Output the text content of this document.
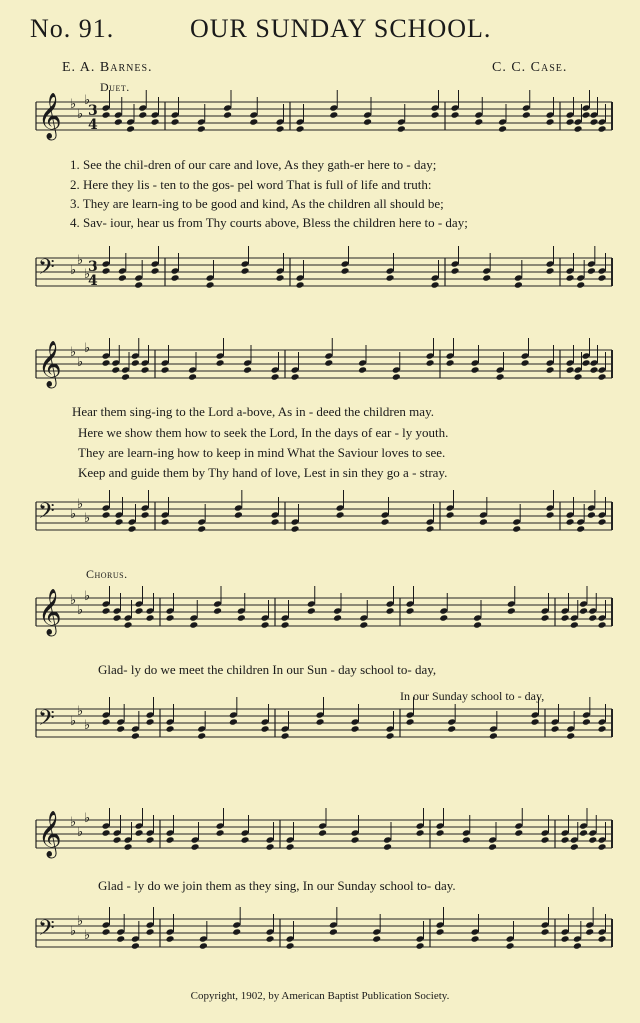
No. 91.	OUR SUNDAY SCHOOL.
E. A. Barnes.	C. C. Case.
Duet.
Chorus.
𝄞 ♭
♭
♭
𝄢 ♭
♭
♭
𝄞 ♭
♭
♭
𝄢 ♭
♭
♭
𝄞 ♭
♭
♭
𝄢 ♭
♭
♭
𝄞 ♭
♭
♭
𝄢 ♭
♭
♭
3
4
3
4
1. See the chil-dren of our care and love, As they gath-er here to - day;
2. Here they lis - ten to the gos- pel word That is full of life and truth:
3. They are learn-ing to be good and kind, As the children all should be;
4. Sav- iour, hear us from Thy courts above, Bless the children here to - day;
Hear them sing-ing to the Lord a-bove, As in - deed the children may.
Here we show them how to seek the Lord, In the days of ear - ly youth.
They are learn-ing how to keep in mind What the Saviour loves to see.
Keep and guide them by Thy hand of love, Lest in sin they go a - stray.
Glad- ly do we meet the children In our Sun - day school to- day,
In our Sunday school to - day,
Glad - ly do we join them as they sing, In our Sunday school to- day.
Copyright, 1902, by American Baptist Publication Society.
